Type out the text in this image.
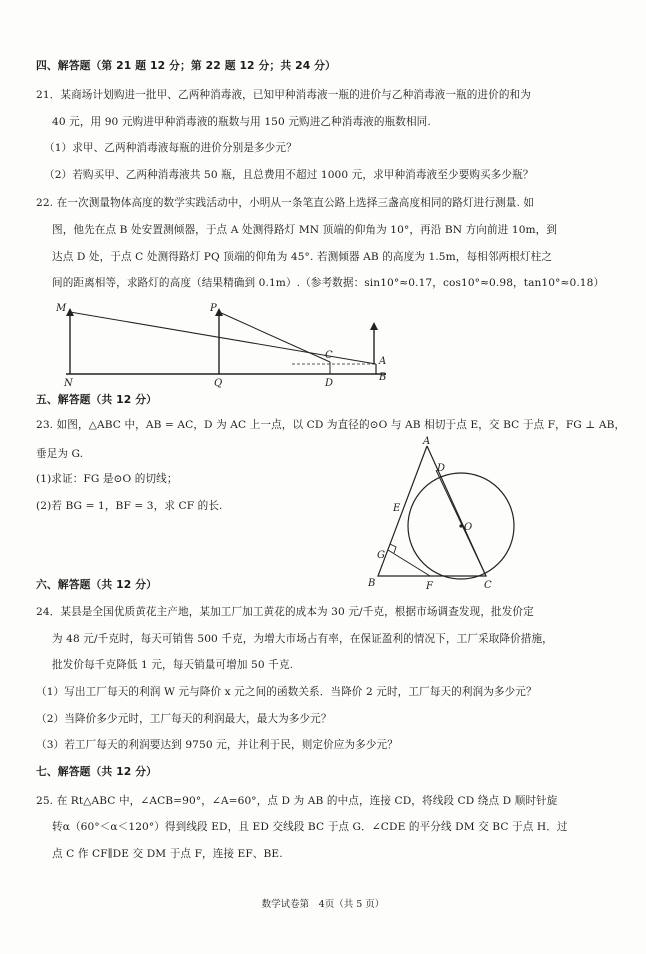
四、解答题（第 21 题 12 分；第 22 题 12 分；共 24 分）
21．某商场计划购进一批甲、乙两种消毒液，已知甲种消毒液一瓶的进价与乙种消毒液一瓶的进价的和为
40 元，用 90 元购进甲种消毒液的瓶数与用 150 元购进乙种消毒液的瓶数相同.
（1）求甲、乙两种消毒液每瓶的进价分别是多少元？
（2）若购买甲、乙两种消毒液共 50 瓶，且总费用不超过 1000 元，求甲种消毒液至少要购买多少瓶？
22. 在一次测量物体高度的数学实践活动中，小明从一条笔直公路上选择三盏高度相同的路灯进行测量. 如
图，他先在点 B 处安置测倾器，于点 A 处测得路灯 MN 顶端的仰角为 10°，再沿 BN 方向前进 10m，到
达点 D 处，于点 C 处测得路灯 PQ 顶端的仰角为 45°. 若测倾器 AB 的高度为 1.5m，每相邻两根灯柱之
间的距离相等，求路灯的高度（结果精确到 0.1m）.（参考数据：sin10°≈0.17，cos10°≈0.98，tan10°≈0.18）
五、解答题（共 12 分）
23. 如图，△ABC 中，AB = AC，D 为 AC 上一点，以 CD 为直径的⊙O 与 AB 相切于点 E，交 BC 于点 F，FG ⊥ AB，
垂足为 G.
(1)求证：FG 是⊙O 的切线；
(2)若 BG = 1，BF = 3，求 CF 的长.
六、解答题（共 12 分）
24．某县是全国优质黄花主产地，某加工厂加工黄花的成本为 30 元/千克，根据市场调查发现，批发价定
为 48 元/千克时，每天可销售 500 千克，为增大市场占有率，在保证盈利的情况下，工厂采取降价措施，
批发价每千克降低 1 元，每天销量可增加 50 千克.
（1）写出工厂每天的利润 W 元与降价 x 元之间的函数关系．当降价 2 元时，工厂每天的利润为多少元？
（2）当降价多少元时，工厂每天的利润最大，最大为多少元？
（3）若工厂每天的利润要达到 9750 元，并让利于民，则定价应为多少元？
七、解答题（共 12 分）
25. 在 Rt△ABC 中，∠ACB=90°，∠A=60°，点 D 为 AB 的中点，连接 CD，将线段 CD 绕点 D 顺时针旋
转α（60°＜α＜120°）得到线段 ED，且 ED 交线段 BC 于点 G．∠CDE 的平分线 DM 交 BC 于点 H．过
点 C 作 CF∥DE 交 DM 于点 F，连接 EF、BE.
M	P
C
A
N	Q	D
B
A
D
E
O
G
B	F	C
数学试卷第　4页（共 5 页）
